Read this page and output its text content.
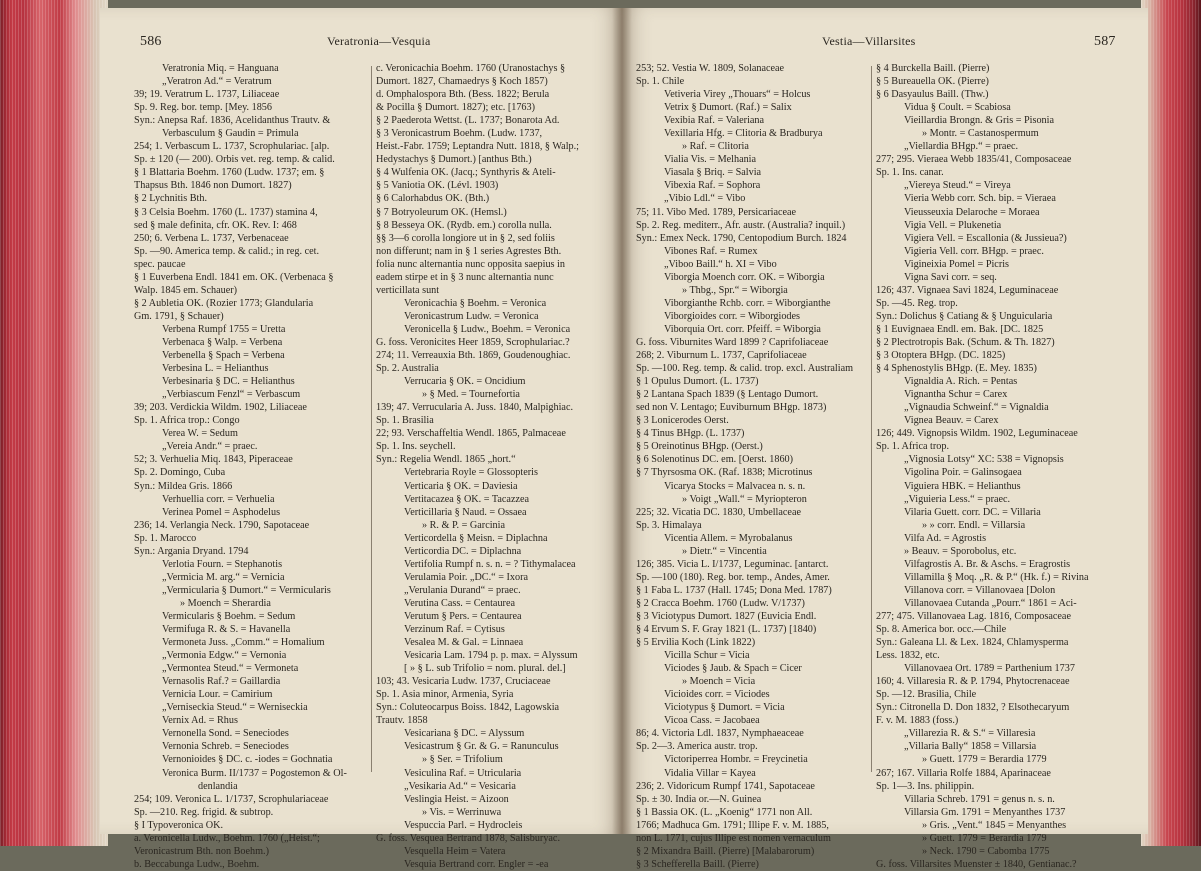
586	Veratronia—Vesquia
Veratronia Miq. = Hanguana
„Veratron Ad.“ = Veratrum
39; 19. Veratrum L. 1737, Liliaceae
Sp. 9. Reg. bor. temp. [Mey. 1856
Syn.: Anepsa Raf. 1836, Acelidanthus Trautv. &
Verbasculum § Gaudin = Primula
254; 1. Verbascum L. 1737, Scrophulariac. [alp.
Sp. ± 120 (— 200). Orbis vet. reg. temp. & calid.
§ 1 Blattaria Boehm. 1760 (Ludw. 1737; em. §
Thapsus Bth. 1846 non Dumort. 1827)
§ 2 Lychnitis Bth.
§ 3 Celsia Boehm. 1760 (L. 1737) stamina 4,
sed § male definita, cfr. OK. Rev. I: 468
250; 6. Verbena L. 1737, Verbenaceae
Sp. —90. America temp. & calid.; in reg. cet.
spec. paucae
§ 1 Euverbena Endl. 1841 em. OK. (Verbenaca §
Walp. 1845 em. Schauer)
§ 2 Aubletia OK. (Rozier 1773; Glandularia
Gm. 1791, § Schauer)
Verbena Rumpf 1755 = Uretta
Verbenaca § Walp. = Verbena
Verbenella § Spach = Verbena
Verbesina L. = Helianthus
Verbesinaria § DC. = Helianthus
„Verbiascum Fenzl“ = Verbascum
39; 203. Verdickia Wildm. 1902, Liliaceae
Sp. 1. Africa trop.: Congo
Verea W. = Sedum
„Vereia Andr.“ = praec.
52; 3. Verhuelia Miq. 1843, Piperaceae
Sp. 2. Domingo, Cuba
Syn.: Mildea Gris. 1866
Verhuellia corr. = Verhuelia
Verinea Pomel = Asphodelus
236; 14. Verlangia Neck. 1790, Sapotaceae
Sp. 1. Marocco
Syn.: Argania Dryand. 1794
Verlotia Fourn. = Stephanotis
„Vermicia M. arg.“ = Vernicia
„Vermicularia § Dumort.“ = Vermicularis
» Moench = Sherardia
Vermicularis § Boehm. = Sedum
Vermifuga R. & S. = Havanella
Vermoneta Juss. „Comm.“ = Homalium
„Vermonia Edgw.“ = Vernonia
„Vermontea Steud.“ = Vermoneta
Vernasolis Raf.? = Gaillardia
Vernicia Lour. = Camirium
„Verniseckia Steud.“ = Werniseckia
Vernix Ad. = Rhus
Vernonella Sond. = Seneciodes
Vernonia Schreb. = Seneciodes
Vernonioides § DC. c. -iodes = Gochnatia
Veronica Burm. II/1737 = Pogostemon & Ol-
denlandia
254; 109. Veronica L. 1/1737, Scrophulariaceae
Sp. —210. Reg. frigid. & subtrop.
§ I Typoveronica OK.
a. Veronicella Ludw., Boehm. 1760 („Heist.“;
Veronicastrum Bth. non Boehm.)
b. Beccabunga Ludw., Boehm.
c. Veronicachia Boehm. 1760 (Uranostachys §
Dumort. 1827, Chamaedrys § Koch 1857)
d. Omphalospora Bth. (Bess. 1822; Berula
& Pocilla § Dumort. 1827); etc. [1763)
§ 2 Paederota Wettst. (L. 1737; Bonarota Ad.
§ 3 Veronicastrum Boehm. (Ludw. 1737,
Heist.-Fabr. 1759; Leptandra Nutt. 1818, § Walp.;
Hedystachys § Dumort.) [anthus Bth.)
§ 4 Wulfenia OK. (Jacq.; Synthyris & Ateli-
§ 5 Vaniotia OK. (Lévl. 1903)
§ 6 Calorhabdus OK. (Bth.)
§ 7 Botryoleurum OK. (Hemsl.)
§ 8 Besseya OK. (Rydb. em.) corolla nulla.
§§ 3—6 corolla longiore ut in § 2, sed foliis
non differunt; nam in § 1 series Agrestes Bth.
folia nunc alternantia nunc opposita saepius in
eadem stirpe et in § 3 nunc alternantia nunc
verticillata sunt
Veronicachia § Boehm. = Veronica
Veronicastrum Ludw. = Veronica
Veronicella § Ludw., Boehm. = Veronica
G. foss. Veronicites Heer 1859, Scrophulariac.?
274; 11. Verreauxia Bth. 1869, Goudenoughiac.
Sp. 2. Australia
Verrucaria § OK. = Oncidium
» § Med. = Tournefortia
139; 47. Verrucularia A. Juss. 1840, Malpighiac.
Sp. 1. Brasilia
22; 93. Verschaffeltia Wendl. 1865, Palmaceae
Sp. 1. Ins. seychell.
Syn.: Regelia Wendl. 1865 „hort.“
Vertebraria Royle = Glossopteris
Verticaria § OK. = Daviesia
Vertitacazea § OK. = Tacazzea
Verticillaria § Naud. = Ossaea
» R. & P. = Garcinia
Verticordella § Meisn. = Diplachna
Verticordia DC. = Diplachna
Vertifolia Rumpf n. s. n. = ? Tithymalacea
Verulamia Poir. „DC.“ = Ixora
„Verulania Durand“ = praec.
Verutina Cass. = Centaurea
Verutum § Pers. = Centaurea
Verzinum Raf. = Cytisus
Vesalea M. & Gal. = Linnaea
Vesicaria Lam. 1794 p. p. max. = Alyssum
[ » § L. sub Trifolio = nom. plural. del.]
103; 43. Vesicaria Ludw. 1737, Cruciaceae
Sp. 1. Asia minor, Armenia, Syria
Syn.: Coluteocarpus Boiss. 1842, Lagowskia
Trautv. 1858
Vesicariana § DC. = Alyssum
Vesicastrum § Gr. & G. = Ranunculus
» § Ser. = Trifolium
Vesiculina Raf. = Utricularia
„Vesikaria Ad.“ = Vesicaria
Veslingia Heist. = Aizoon
» Vis. = Werrinuwa
Vespuccia Parl. = Hydrocleis
G. foss. Vesquea Bertrand 1878, Salisburyac.
Vesquella Heim = Vatera
Vesquia Bertrand corr. Engler = -ea
Vestia—Villarsites	587
253; 52. Vestia W. 1809, Solanaceae
Sp. 1. Chile
Vetiveria Virey „Thouars“ = Holcus
Vetrix § Dumort. (Raf.) = Salix
Vexibia Raf. = Valeriana
Vexillaria Hfg. = Clitoria & Bradburya
» Raf. = Clitoria
Vialia Vis. = Melhania
Viasala § Briq. = Salvia
Vibexia Raf. = Sophora
„Vibio Ldl.“ = Vibo
75; 11. Vibo Med. 1789, Persicariaceae
Sp. 2. Reg. mediterr., Afr. austr. (Australia? inquil.)
Syn.: Emex Neck. 1790, Centopodium Burch. 1824
Vibones Raf. = Rumex
„Viboo Baill.“ h. XI = Vibo
Viborgia Moench corr. OK. = Wiborgia
» Thbg., Spr.“ = Wiborgia
Viborgianthe Rchb. corr. = Wiborgianthe
Viborgioides corr. = Wiborgiodes
Viborquia Ort. corr. Pfeiff. = Wiborgia
G. foss. Viburnites Ward 1899 ? Caprifoliaceae
268; 2. Viburnum L. 1737, Caprifoliaceae
Sp. —100. Reg. temp. & calid. trop. excl. Australiam
§ 1 Opulus Dumort. (L. 1737)
§ 2 Lantana Spach 1839 (§ Lentago Dumort.
sed non V. Lentago; Euviburnum BHgp. 1873)
§ 3 Lonicerodes Oerst.
§ 4 Tinus BHgp. (L. 1737)
§ 5 Oreinotinus BHgp. (Oerst.)
§ 6 Solenotinus DC. em. [Oerst. 1860)
§ 7 Thyrsosma OK. (Raf. 1838; Microtinus
Vicarya Stocks = Malvacea n. s. n.
» Voigt „Wall.“ = Myriopteron
225; 32. Vicatia DC. 1830, Umbellaceae
Sp. 3. Himalaya
Vicentia Allem. = Myrobalanus
» Dietr.“ = Vincentia
126; 385. Vicia L. I/1737, Leguminac. [antarct.
Sp. —100 (180). Reg. bor. temp., Andes, Amer.
§ 1 Faba L. 1737 (Hall. 1745; Dona Med. 1787)
§ 2 Cracca Boehm. 1760 (Ludw. V/1737)
§ 3 Viciotypus Dumort. 1827 (Euvicia Endl.
§ 4 Ervum S. F. Gray 1821 (L. 1737) [1840)
§ 5 Ervilia Koch (Link 1822)
Vicilla Schur = Vicia
Viciodes § Jaub. & Spach = Cicer
» Moench = Vicia
Vicioides corr. = Viciodes
Viciotypus § Dumort. = Vicia
Vicoa Cass. = Jacobaea
86; 4. Victoria Ldl. 1837, Nymphaeaceae
Sp. 2—3. America austr. trop.
Victoriperrea Hombr. = Freycinetia
Vidalia Villar = Kayea
236; 2. Vidoricum Rumpf 1741, Sapotaceae
Sp. ± 30. India or.—N. Guinea
§ 1 Bassia OK. (L. „Koenig“ 1771 non All.
1766; Madhuca Gm. 1791; Illipe F. v. M. 1885,
non L. 1771, cujus Illipe est nomen vernaculum
§ 2 Mixandra Baill. (Pierre) [Malabarorum)
§ 3 Schefferella Baill. (Pierre)
§ 4 Burckella Baill. (Pierre)
§ 5 Bureauella OK. (Pierre)
§ 6 Dasyaulus Baill. (Thw.)
Vidua § Coult. = Scabiosa
Vieillardia Brongn. & Gris = Pisonia
» Montr. = Castanospermum
„Viellardia BHgp.“ = praec.
277; 295. Vieraea Webb 1835/41, Composaceae
Sp. 1. Ins. canar.
„Viereya Steud.“ = Vireya
Vieria Webb corr. Sch. bip. = Vieraea
Vieusseuxia Delaroche = Moraea
Vigia Vell. = Plukenetia
Vigiera Vell. = Escallonia (& Jussieua?)
Vigieria Vell. corr. BHgp. = praec.
Vigineixia Pomel = Picris
Vigna Savi corr. = seq.
126; 437. Vignaea Savi 1824, Leguminaceae
Sp. —45. Reg. trop.
Syn.: Dolichus § Catiang & § Unguicularia
§ 1 Euvignaea Endl. em. Bak. [DC. 1825
§ 2 Plectrotropis Bak. (Schum. & Th. 1827)
§ 3 Otoptera BHgp. (DC. 1825)
§ 4 Sphenostylis BHgp. (E. Mey. 1835)
Vignaldia A. Rich. = Pentas
Vignantha Schur = Carex
„Vignaudia Schweinf.“ = Vignaldia
Vignea Beauv. = Carex
126; 449. Vignopsis Wildm. 1902, Leguminaceae
Sp. 1. Africa trop.
„Vignosia Lotsy“ XC: 538 = Vignopsis
Vigolina Poir. = Galinsogaea
Viguiera HBK. = Helianthus
„Viguieria Less.“ = praec.
Vilaria Guett. corr. DC. = Villaria
» » corr. Endl. = Villarsia
Vilfa Ad. = Agrostis
» Beauv. = Sporobolus, etc.
Vilfagrostis A. Br. & Aschs. = Eragrostis
Villamilla § Moq. „R. & P.“ (Hk. f.) = Rivina
Villanova corr. = Villanovaea [Dolon
Villanovaea Cutanda „Pourr.“ 1861 = Aci-
277; 475. Villanovaea Lag. 1816, Composaceae
Sp. 8. America bor. occ.—Chile
Syn.: Galeana Ll. & Lex. 1824, Chlamysperma
Less. 1832, etc.
Villanovaea Ort. 1789 = Parthenium 1737
160; 4. Villaresia R. & P. 1794, Phytocrenaceae
Sp. —12. Brasilia, Chile
Syn.: Citronella D. Don 1832, ? Elsothecaryum
F. v. M. 1883 (foss.)
„Villarezia R. & S.“ = Villaresia
„Villaria Bally“ 1858 = Villarsia
» Guett. 1779 = Berardia 1779
267; 167. Villaria Rolfe 1884, Aparinaceae
Sp. 1—3. Ins. philippin.
Villaria Schreb. 1791 = genus n. s. n.
Villarsia Gm. 1791 = Menyanthes 1737
» Gris. „Vent.“ 1845 = Menyanthes
» Guett. 1779 = Berardia 1779
» Neck. 1790 = Cabomba 1775
G. foss. Villarsites Muenster ± 1840, Gentianac.?
